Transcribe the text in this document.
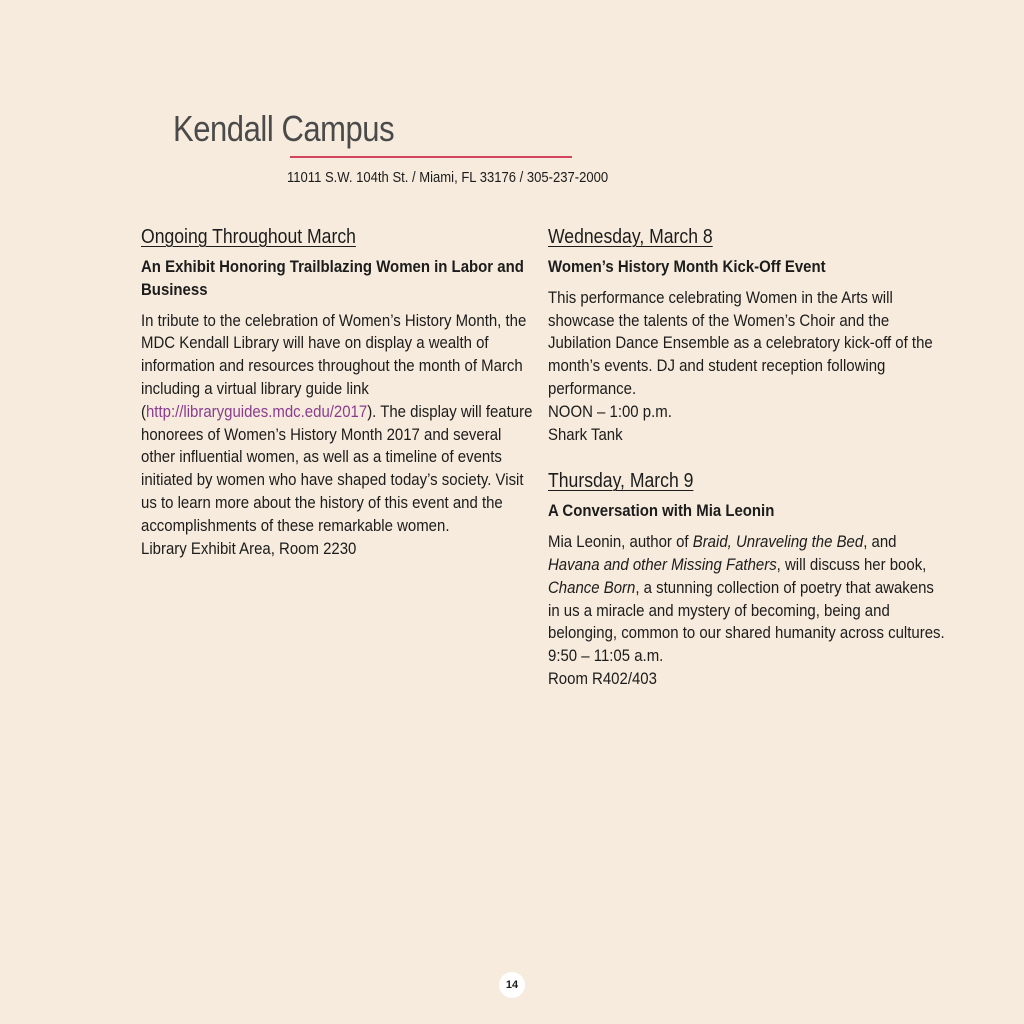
Kendall Campus
11011 S.W. 104th St. / Miami, FL 33176 / 305-237-2000
Ongoing Throughout March
An Exhibit Honoring Trailblazing Women in Labor and Business

In tribute to the celebration of Women’s History Month, the MDC Kendall Library will have on display a wealth of information and resources throughout the month of March including a virtual library guide link (http://libraryguides.mdc.edu/2017). The display will feature honorees of Women’s History Month 2017 and several other influential women, as well as a timeline of events initiated by women who have shaped today’s society. Visit us to learn more about the history of this event and the accomplishments of these remarkable women.

Library Exhibit Area, Room 2230
Wednesday, March 8
Women’s History Month Kick-Off Event

This performance celebrating Women in the Arts will showcase the talents of the Women’s Choir and the Jubilation Dance Ensemble as a celebratory kick-off of the month’s events. DJ and student reception following performance.

NOON – 1:00 p.m.
Shark Tank
Thursday, March 9
A Conversation with Mia Leonin

Mia Leonin, author of Braid, Unraveling the Bed, and Havana and other Missing Fathers, will discuss her book, Chance Born, a stunning collection of poetry that awakens in us a miracle and mystery of becoming, being and belonging, common to our shared humanity across cultures.

9:50 – 11:05 a.m.
Room R402/403
14
